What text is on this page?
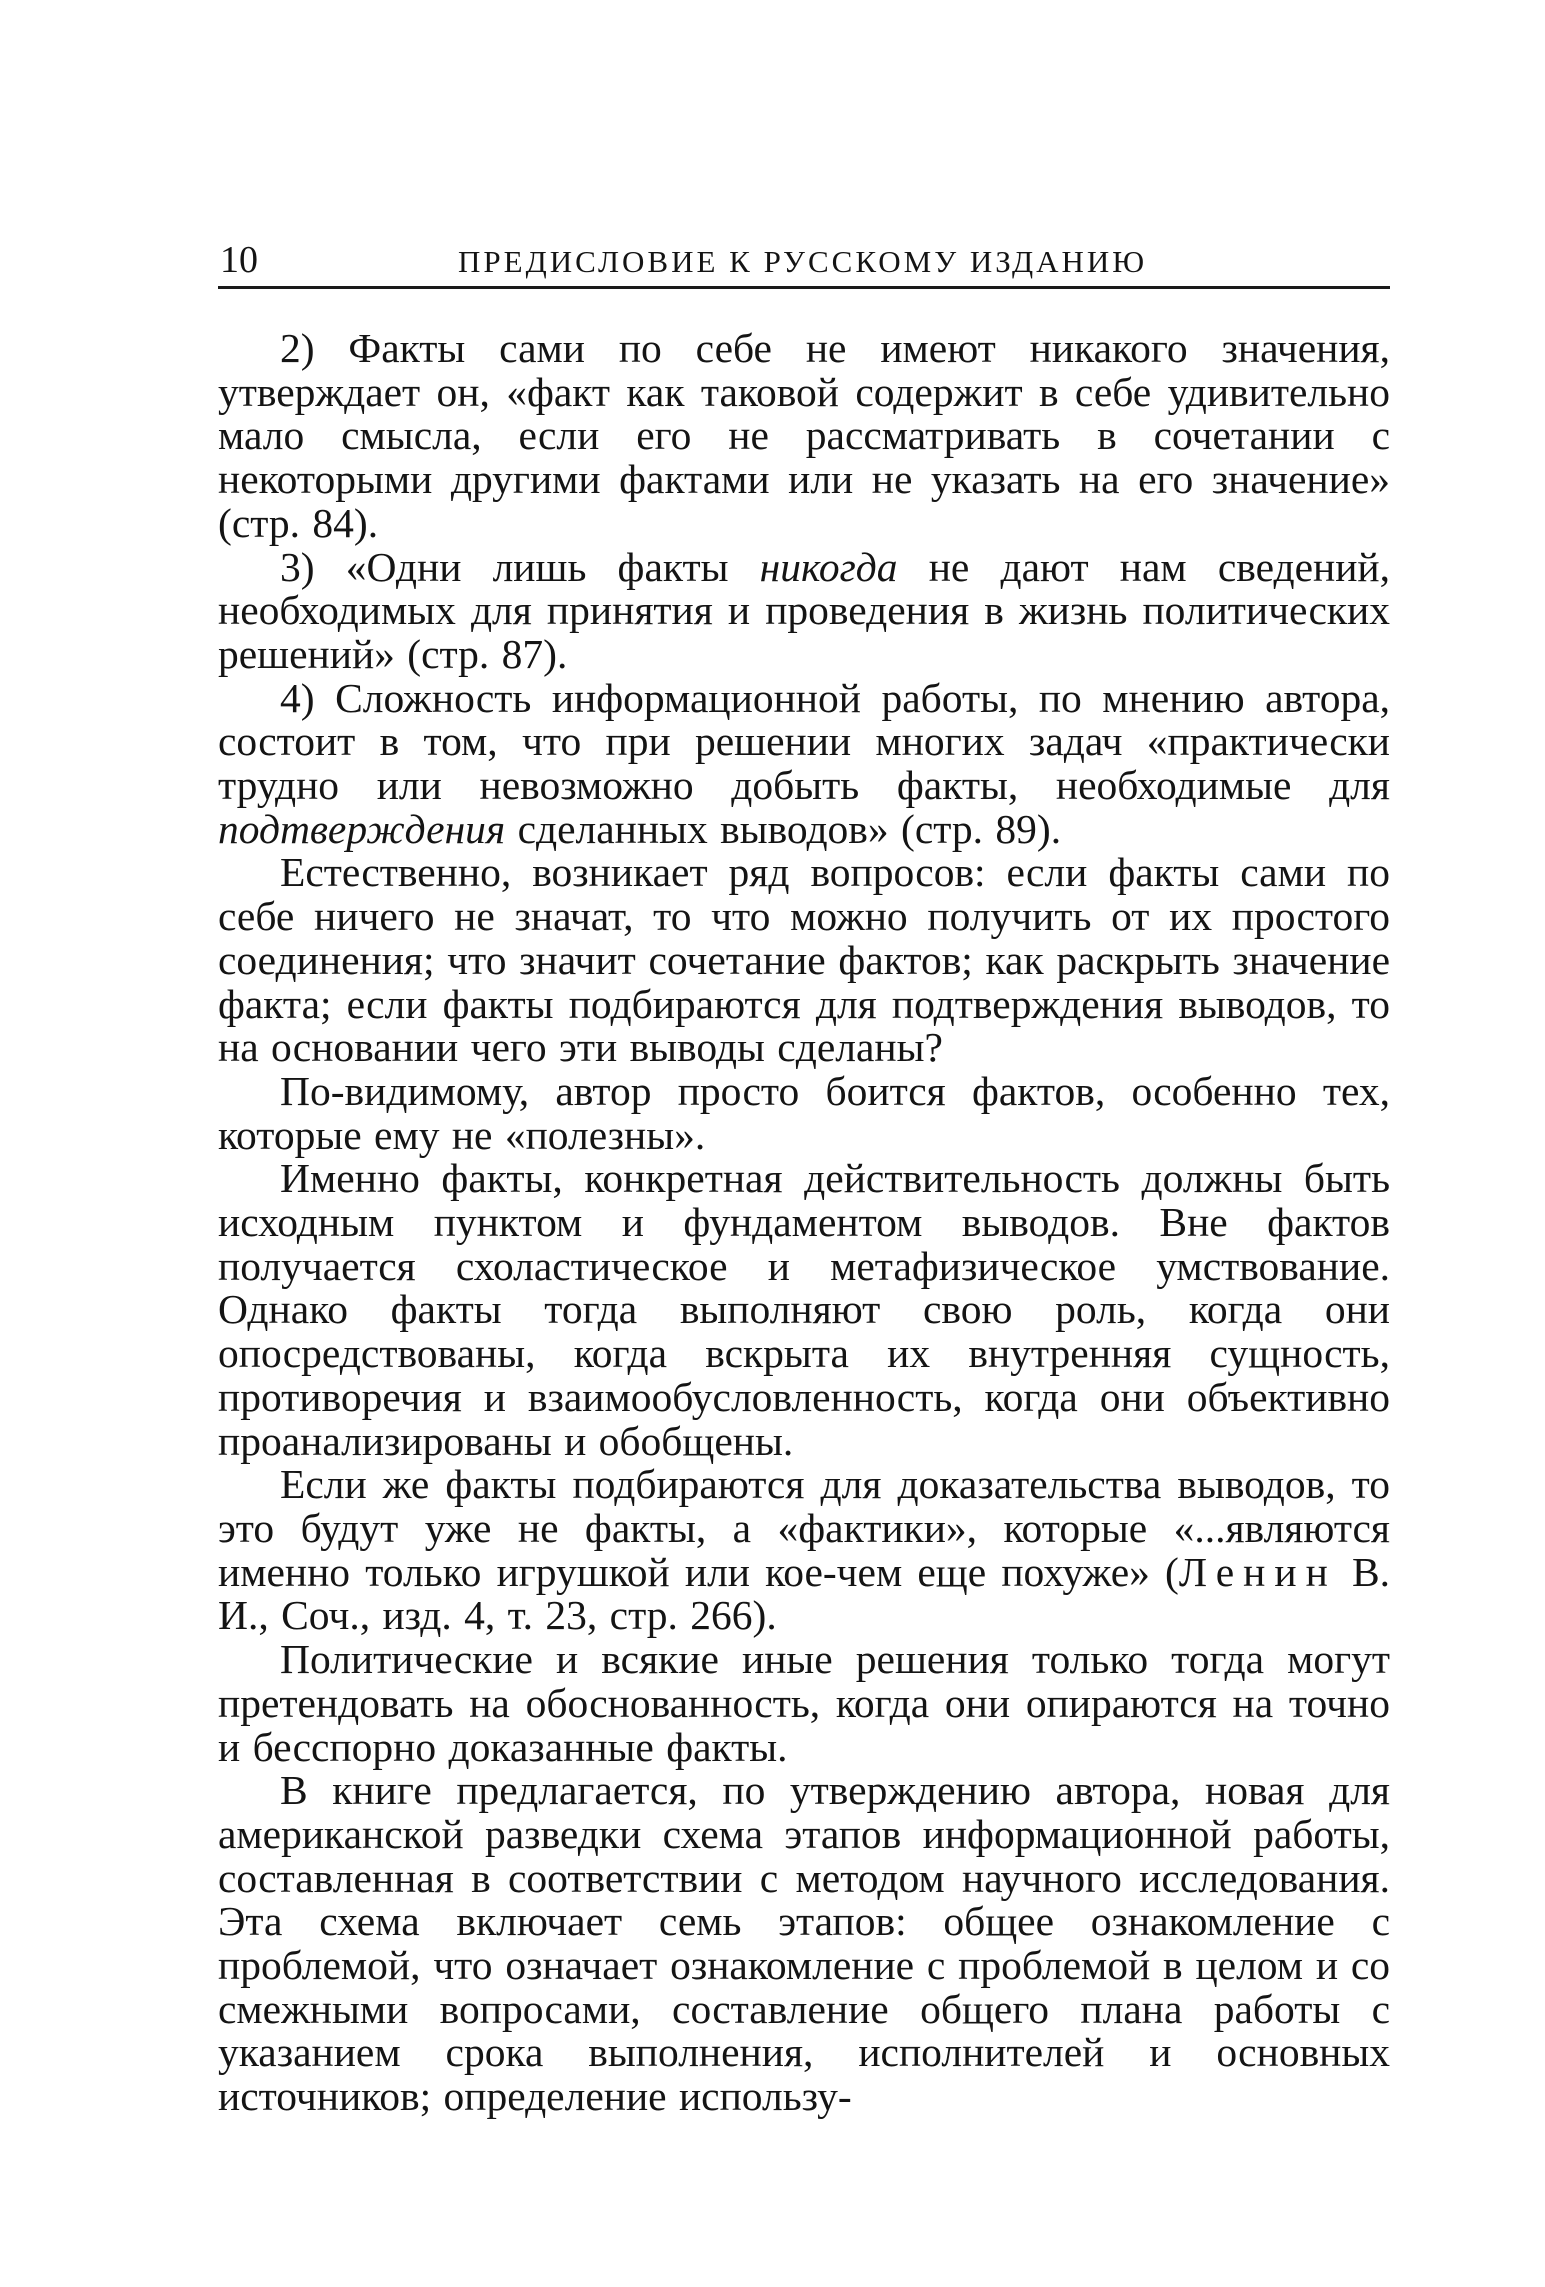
10	ПРЕДИСЛОВИЕ К РУССКОМУ ИЗДАНИЮ

2) Факты сами по себе не имеют никакого значения, утверждает он, «факт как таковой содержит в себе удивительно мало смысла, если его не рассматривать в сочетании с некоторыми другими фактами или не указать на его значение» (стр. 84).

3) «Одни лишь факты никогда не дают нам сведений, необходимых для принятия и проведения в жизнь политических решений» (стр. 87).

4) Сложность информационной работы, по мнению автора, состоит в том, что при решении многих задач «практически трудно или невозможно добыть факты, необходимые для подтверждения сделанных выводов» (стр. 89).

Естественно, возникает ряд вопросов: если факты сами по себе ничего не значат, то что можно получить от их простого соединения; что значит сочетание фактов; как раскрыть значение факта; если факты подбираются для подтверждения выводов, то на основании чего эти выводы сделаны?

По-видимому, автор просто боится фактов, особенно тех, которые ему не «полезны».

Именно факты, конкретная действительность должны быть исходным пунктом и фундаментом выводов. Вне фактов получается схоластическое и метафизическое умствование. Однако факты тогда выполняют свою роль, когда они опосредствованы, когда вскрыта их внутренняя сущность, противоречия и взаимообусловленность, когда они объективно проанализированы и обобщены.

Если же факты подбираются для доказательства выводов, то это будут уже не факты, а «фактики», которые «...являются именно только игрушкой или кое-чем еще похуже» (Ленин В. И., Соч., изд. 4, т. 23, стр. 266).

Политические и всякие иные решения только тогда могут претендовать на обоснованность, когда они опираются на точно и бесспорно доказанные факты.

В книге предлагается, по утверждению автора, новая для американской разведки схема этапов информационной работы, составленная в соответствии с методом научного исследования. Эта схема включает семь этапов: общее ознакомление с проблемой, что означает ознакомление с проблемой в целом и со смежными вопросами, составление общего плана работы с указанием срока выполнения, исполнителей и основных источников; определение использу-
